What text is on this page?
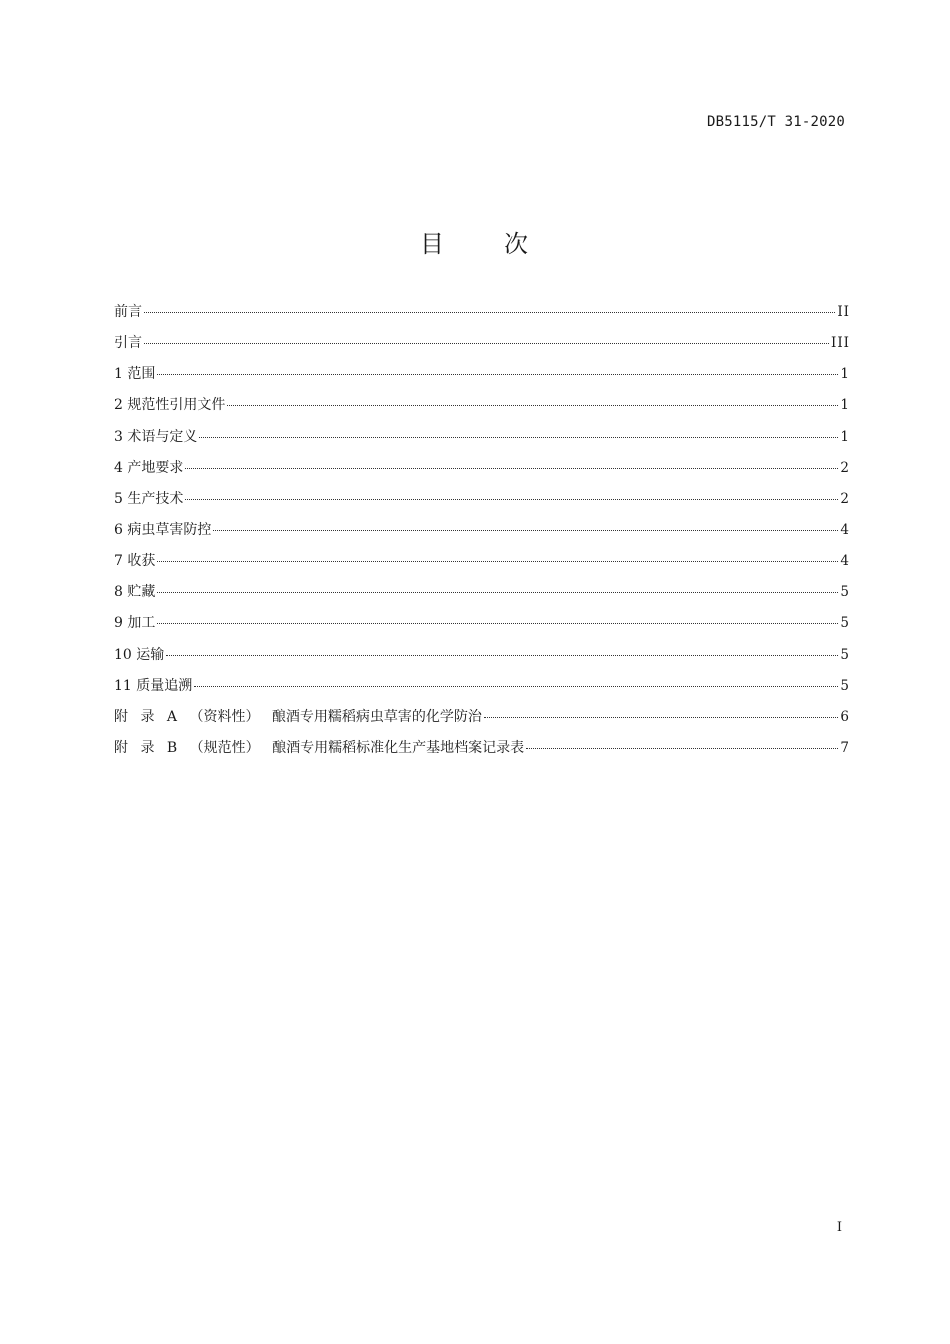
DB5115/T 31-2020
目 次
前言	II
引言	III
1 范围	1
2 规范性引用文件	1
3 术语与定义	1
4 产地要求	2
5 生产技术	2
6 病虫草害防控	4
7 收获	4
8 贮藏	5
9 加工	5
10 运输	5
11 质量追溯	5
附 录 A （资料性） 酿酒专用糯稻病虫草害的化学防治	6
附 录 B （规范性） 酿酒专用糯稻标准化生产基地档案记录表	7
I
